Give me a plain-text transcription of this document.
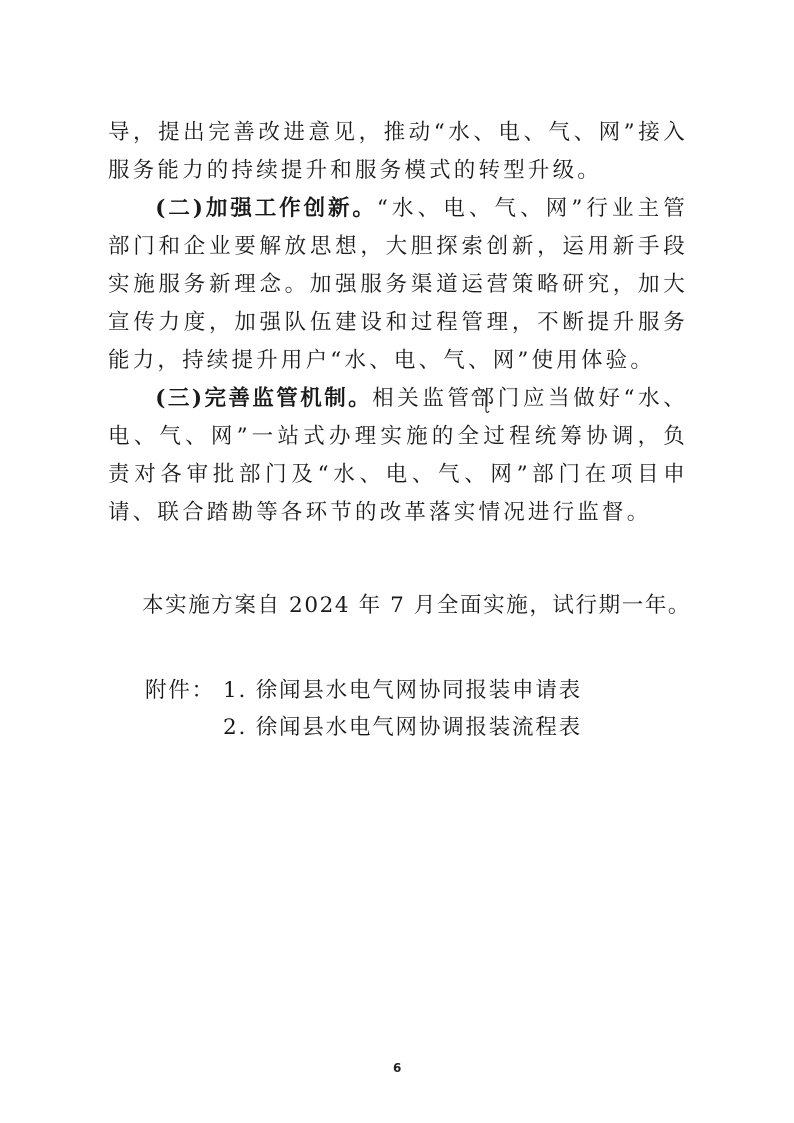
导，提出完善改进意见，推动“水、电、气、网”接入服务能力的持续提升和服务模式的转型升级。

(二)加强工作创新。“水、电、气、网”行业主管部门和企业要解放思想，大胆探索创新，运用新手段实施服务新理念。加强服务渠道运营策略研究，加大宣传力度，加强队伍建设和过程管理，不断提升服务能力，持续提升用户“水、电、气、网”使用体验。

(三)完善监管机制。相关监管部门应当做好“水、电、气、网”一站式办理实施的全过程统筹协调，负责对各审批部门及“水、电、气、网”部门在项目申请、联合踏勘等各环节的改革落实情况进行监督。

本实施方案自 2024 年 7 月全面实施，试行期一年。
附件： 1. 徐闻县水电气网协同报装申请表
2. 徐闻县水电气网协调报装流程表
6
